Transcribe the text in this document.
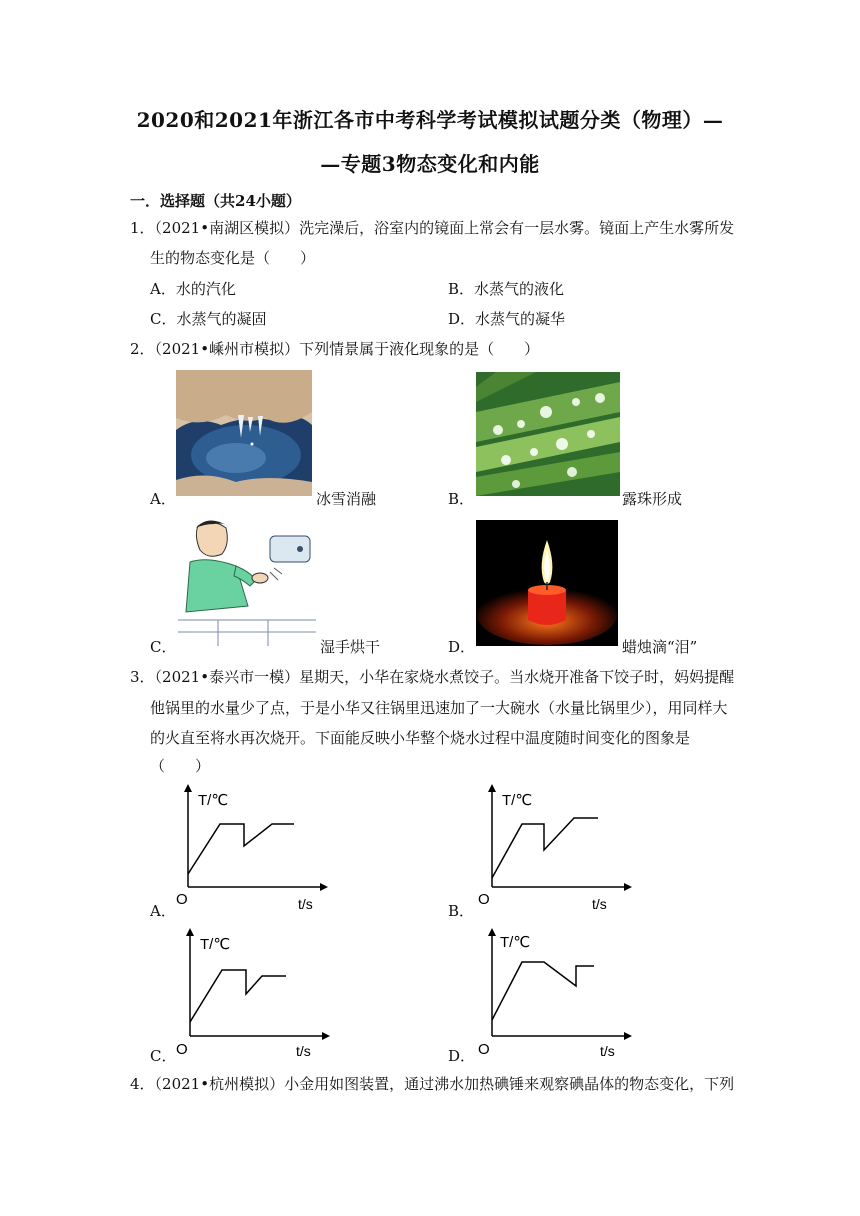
2020和2021年浙江各市中考科学考试模拟试题分类（物理）—
—专题3物态变化和内能
一．选择题（共24小题）
1．（2021•南湖区模拟）洗完澡后，浴室内的镜面上常会有一层水雾。镜面上产生水雾所发
生的物态变化是（　　）
A．水的汽化	B．水蒸气的液化
C．水蒸气的凝固	D．水蒸气的凝华
2．（2021•嵊州市模拟）下列情景属于液化现象的是（　　）
A．	冰雪消融	B．	露珠形成
C．	湿手烘干	D．	蜡烛滴“泪”
3．（2021•泰兴市一模）星期天，小华在家烧水煮饺子。当水烧开准备下饺子时，妈妈提醒
他锅里的水量少了点，于是小华又往锅里迅速加了一大碗水（水量比锅里少），用同样大
的火直至将水再次烧开。下面能反映小华整个烧水过程中温度随时间变化的图象是
（　　）
A．
T/℃
t/s
O
B．
T/℃
t/s
O
C．
T/℃
t/s
O	D．
T/℃
t/s
O
4．（2021•杭州模拟）小金用如图装置，通过沸水加热碘锤来观察碘晶体的物态变化，下列
